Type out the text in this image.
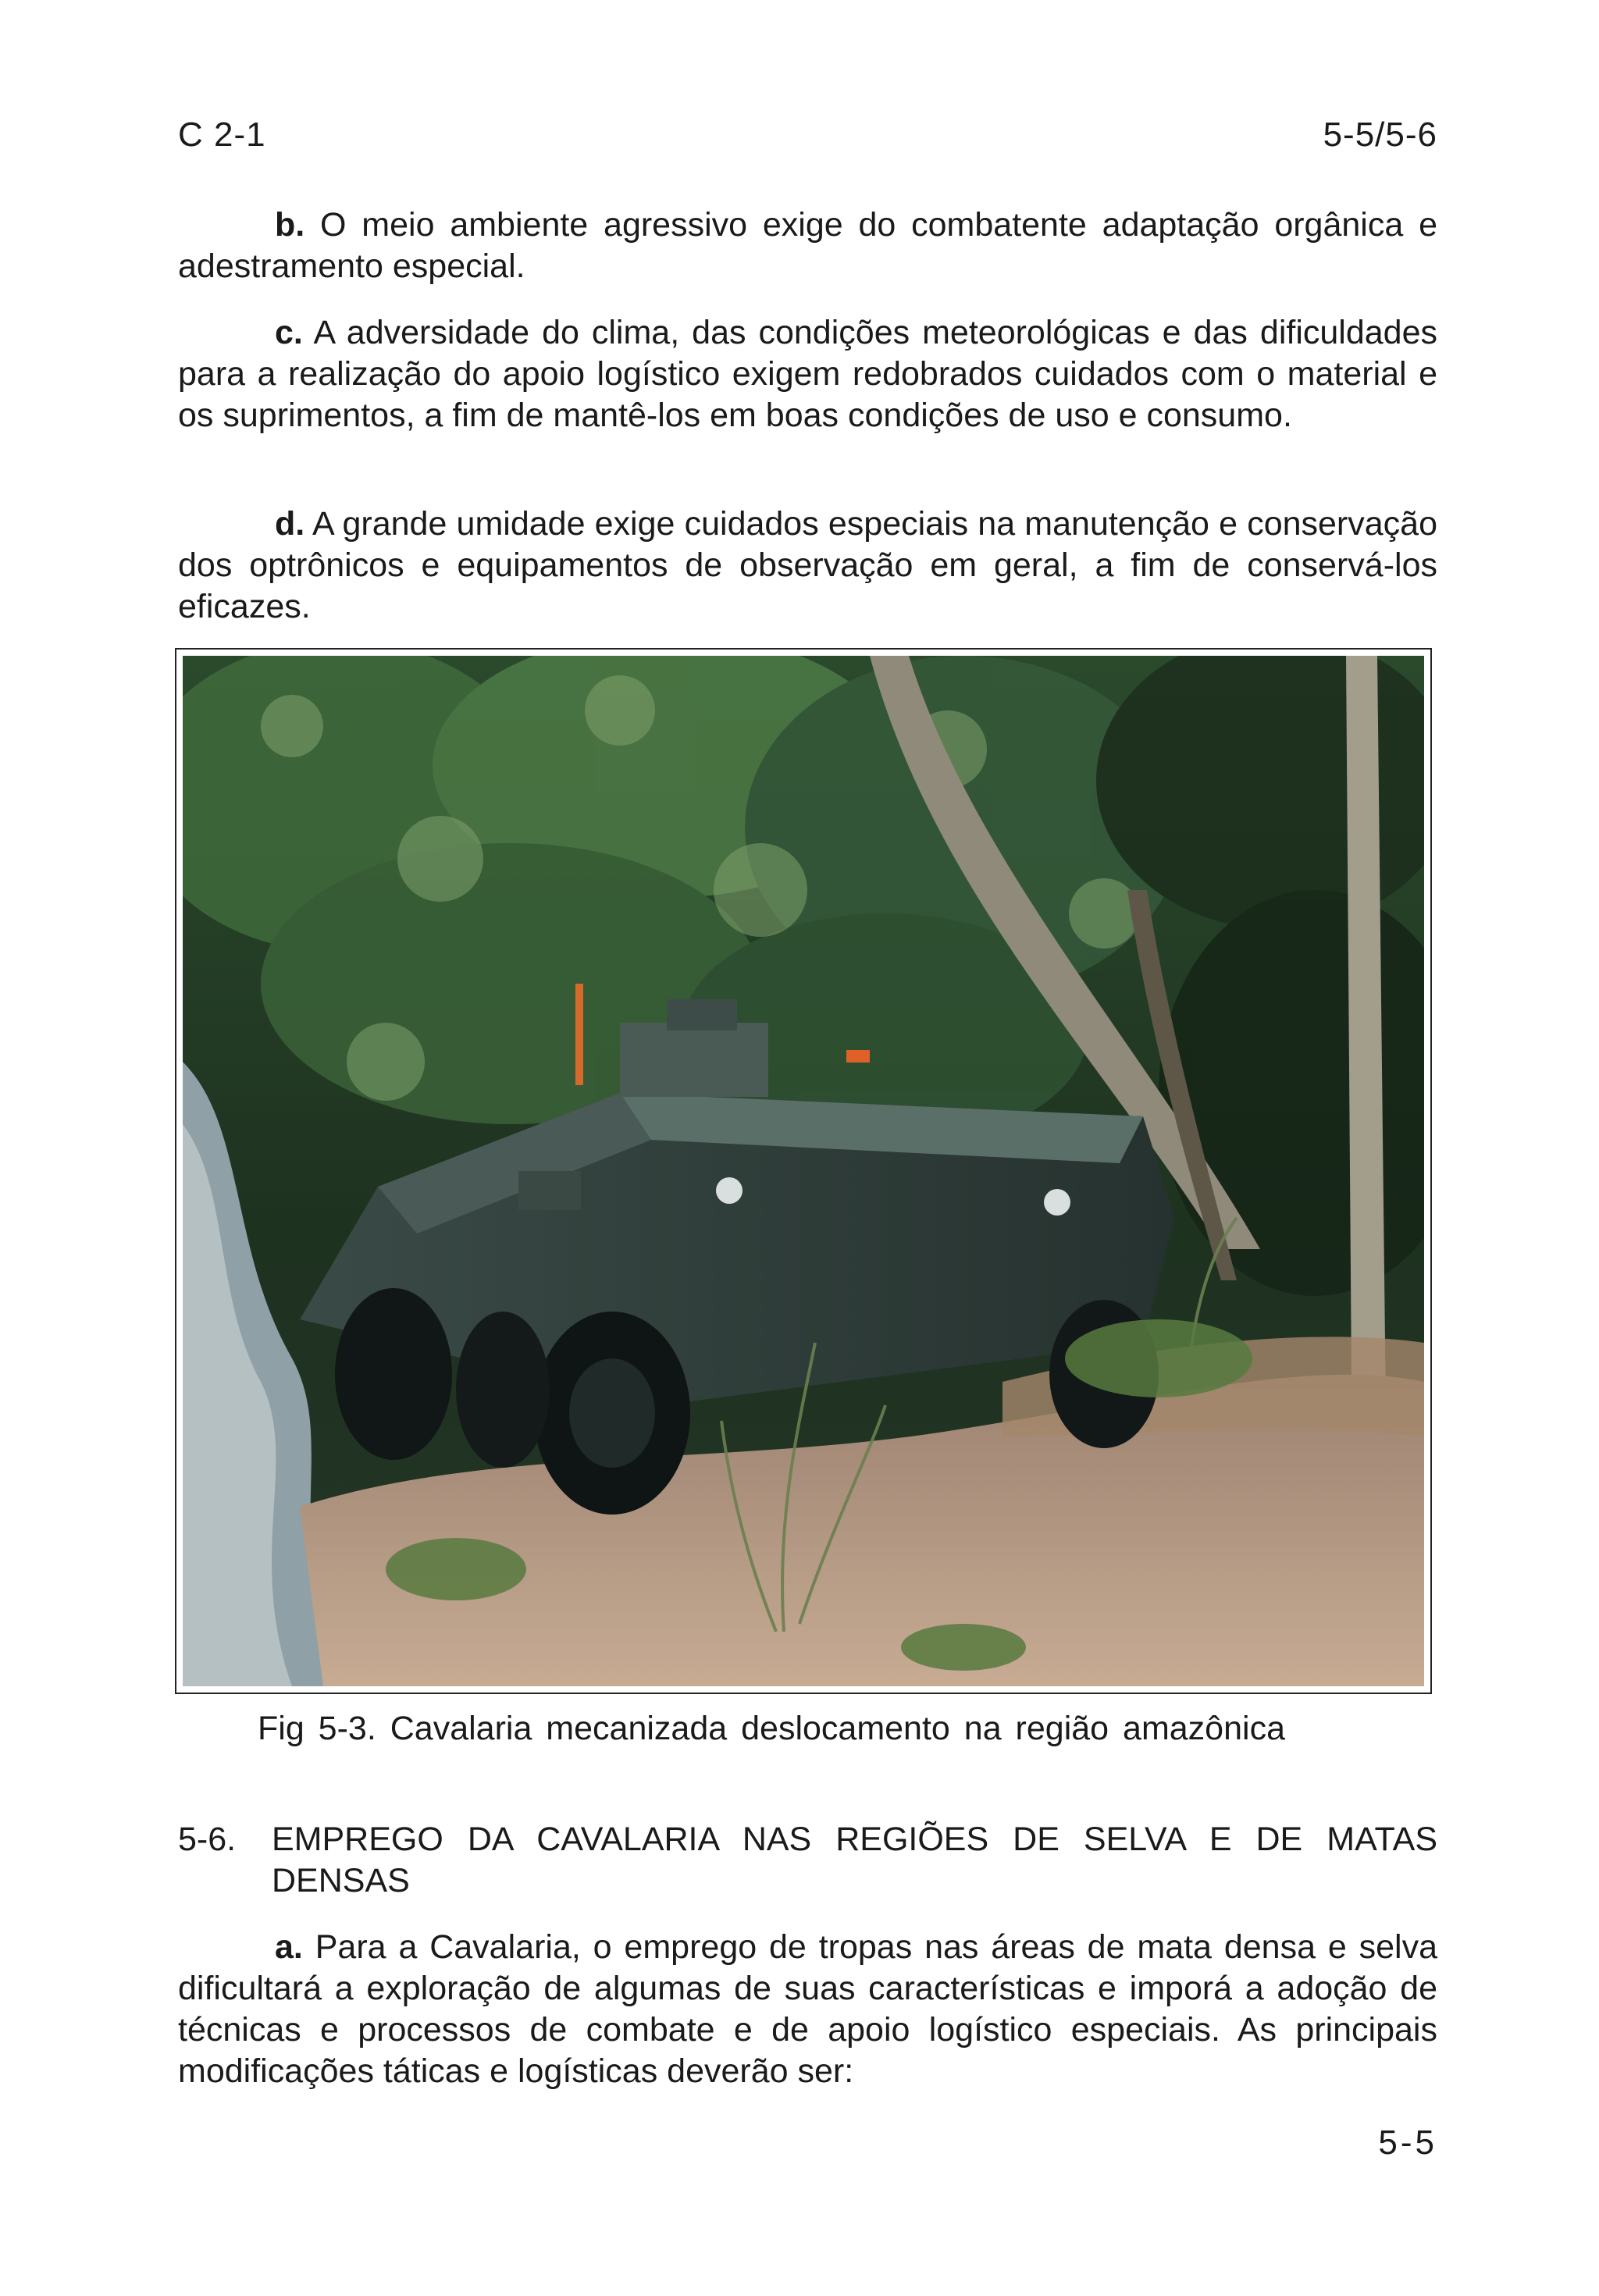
C 2-1	5-5/5-6

b. O meio ambiente agressivo exige do combatente adaptação orgânica e adestramento especial.

c. A adversidade do clima, das condições meteorológicas e das dificuldades para a realização do apoio logístico exigem redobrados cuidados com o material e os suprimentos, a fim de mantê-los em boas condições de uso e consumo.

d. A grande umidade exige cuidados especiais na manutenção e conservação dos optrônicos e equipamentos de observação em geral, a fim de conservá-los eficazes.

Fig 5-3. Cavalaria mecanizada deslocamento na região amazônica
5-6. EMPREGO DA CAVALARIA NAS REGIÕES DE SELVA E DE MATAS DENSAS

a. Para a Cavalaria, o emprego de tropas nas áreas de mata densa e selva dificultará a exploração de algumas de suas características e imporá a adoção de técnicas e processos de combate e de apoio logístico especiais. As principais modificações táticas e logísticas deverão ser:

5-5
